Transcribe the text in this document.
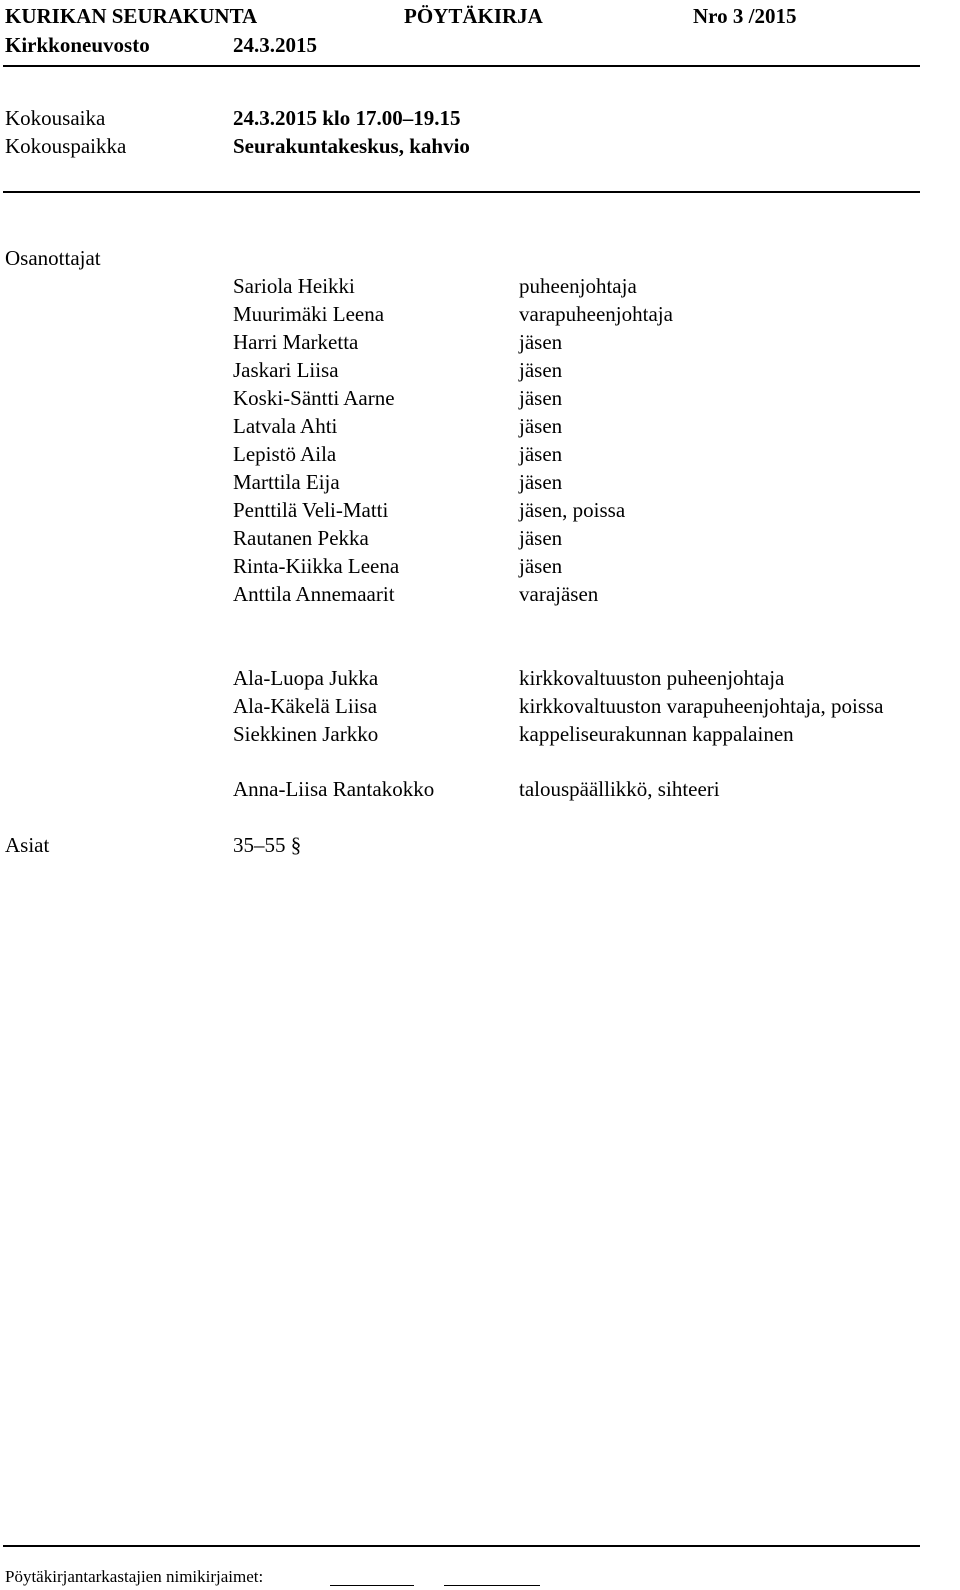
KURIKAN SEURAKUNTA	PÖYTÄKIRJA	Nro 3 /2015
Kirkkoneuvosto	24.3.2015
Kokousaika	24.3.2015 klo 17.00–19.15
Kokouspaikka	Seurakuntakeskus, kahvio
Osanottajat
Sariola Heikki	puheenjohtaja
Muurimäki Leena	varapuheenjohtaja
Harri Marketta	jäsen
Jaskari Liisa	jäsen
Koski-Säntti Aarne	jäsen
Latvala Ahti	jäsen
Lepistö Aila	jäsen
Marttila Eija	jäsen
Penttilä Veli-Matti	jäsen, poissa
Rautanen Pekka	jäsen
Rinta-Kiikka Leena	jäsen
Anttila Annemaarit	varajäsen
Ala-Luopa Jukka	kirkkovaltuuston puheenjohtaja
Ala-Käkelä Liisa	kirkkovaltuuston varapuheenjohtaja, poissa
Siekkinen Jarkko	kappeliseurakunnan kappalainen
Anna-Liisa Rantakokko	talouspäällikkö, sihteeri
Asiat	35–55 §
Pöytäkirjantarkastajien nimikirjaimet:
